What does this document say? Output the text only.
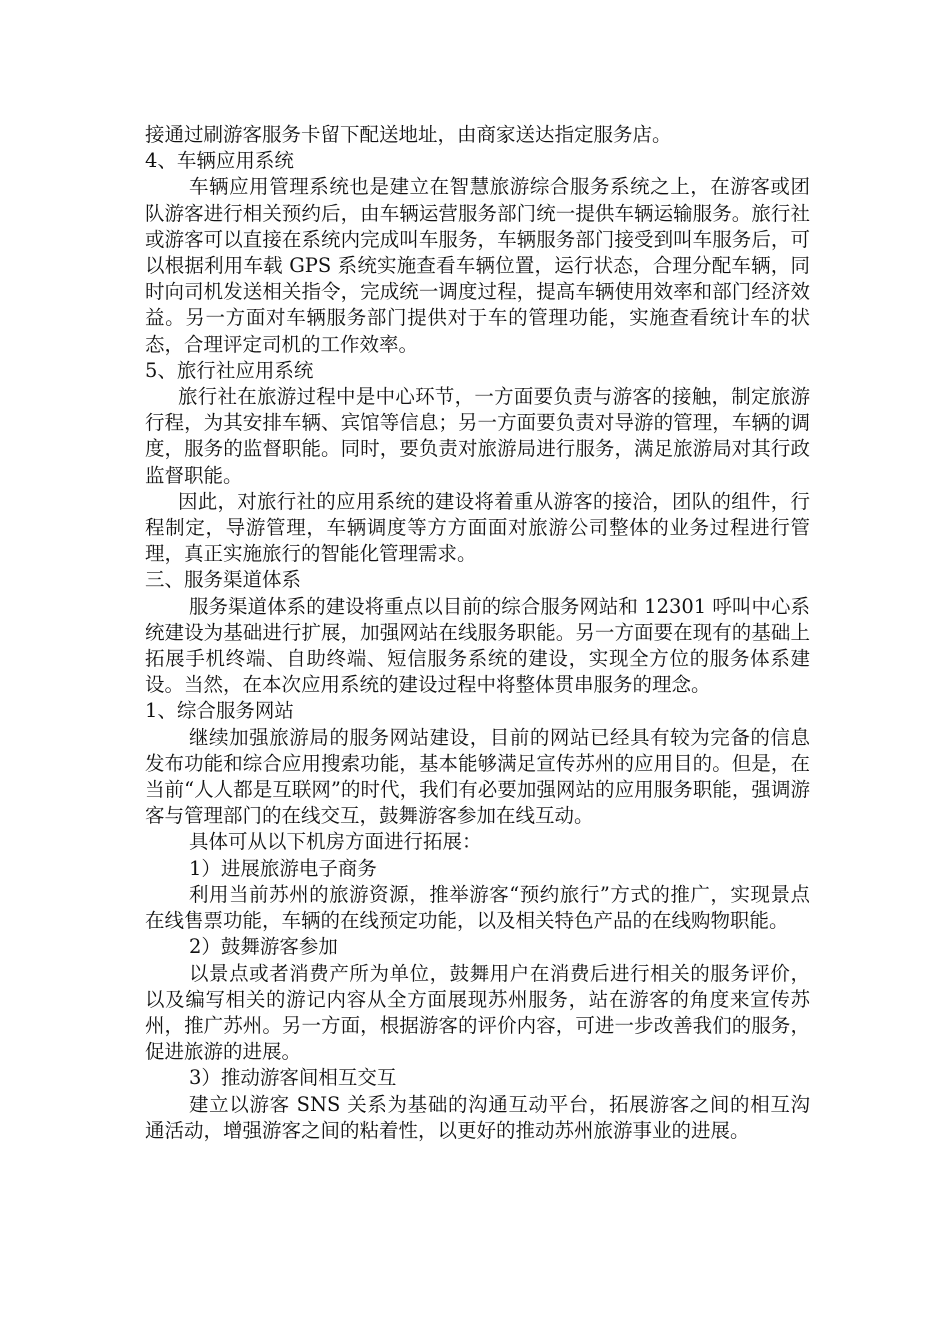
接通过刷游客服务卡留下配送地址，由商家送达指定服务店。

4、车辆应用系统

车辆应用管理系统也是建立在智慧旅游综合服务系统之上，在游客或团队游客进行相关预约后，由车辆运营服务部门统一提供车辆运输服务。旅行社或游客可以直接在系统内完成叫车服务，车辆服务部门接受到叫车服务后，可以根据利用车载 GPS 系统实施查看车辆位置，运行状态，合理分配车辆，同时向司机发送相关指令，完成统一调度过程，提高车辆使用效率和部门经济效益。另一方面对车辆服务部门提供对于车的管理功能，实施查看统计车的状态，合理评定司机的工作效率。

5、旅行社应用系统

旅行社在旅游过程中是中心环节，一方面要负责与游客的接触，制定旅游行程，为其安排车辆、宾馆等信息；另一方面要负责对导游的管理，车辆的调度，服务的监督职能。同时，要负责对旅游局进行服务，满足旅游局对其行政监督职能。

因此，对旅行社的应用系统的建设将着重从游客的接洽，团队的组件，行程制定，导游管理，车辆调度等方方面面对旅游公司整体的业务过程进行管理，真正实施旅行的智能化管理需求。

三、服务渠道体系

服务渠道体系的建设将重点以目前的综合服务网站和 12301 呼叫中心系统建设为基础进行扩展，加强网站在线服务职能。另一方面要在现有的基础上拓展手机终端、自助终端、短信服务系统的建设，实现全方位的服务体系建设。当然，在本次应用系统的建设过程中将整体贯串服务的理念。

1、综合服务网站

继续加强旅游局的服务网站建设，目前的网站已经具有较为完备的信息发布功能和综合应用搜索功能，基本能够满足宣传苏州的应用目的。但是，在当前“人人都是互联网”的时代，我们有必要加强网站的应用服务职能，强调游客与管理部门的在线交互，鼓舞游客参加在线互动。

具体可从以下机房方面进行拓展：

1）进展旅游电子商务

利用当前苏州的旅游资源，推举游客“预约旅行”方式的推广，实现景点在线售票功能，车辆的在线预定功能，以及相关特色产品的在线购物职能。

2）鼓舞游客参加

以景点或者消费产所为单位，鼓舞用户在消费后进行相关的服务评价，以及编写相关的游记内容从全方面展现苏州服务，站在游客的角度来宣传苏州，推广苏州。另一方面，根据游客的评价内容，可进一步改善我们的服务，促进旅游的进展。

3）推动游客间相互交互

建立以游客 SNS 关系为基础的沟通互动平台，拓展游客之间的相互沟通活动，增强游客之间的粘着性，以更好的推动苏州旅游事业的进展。
